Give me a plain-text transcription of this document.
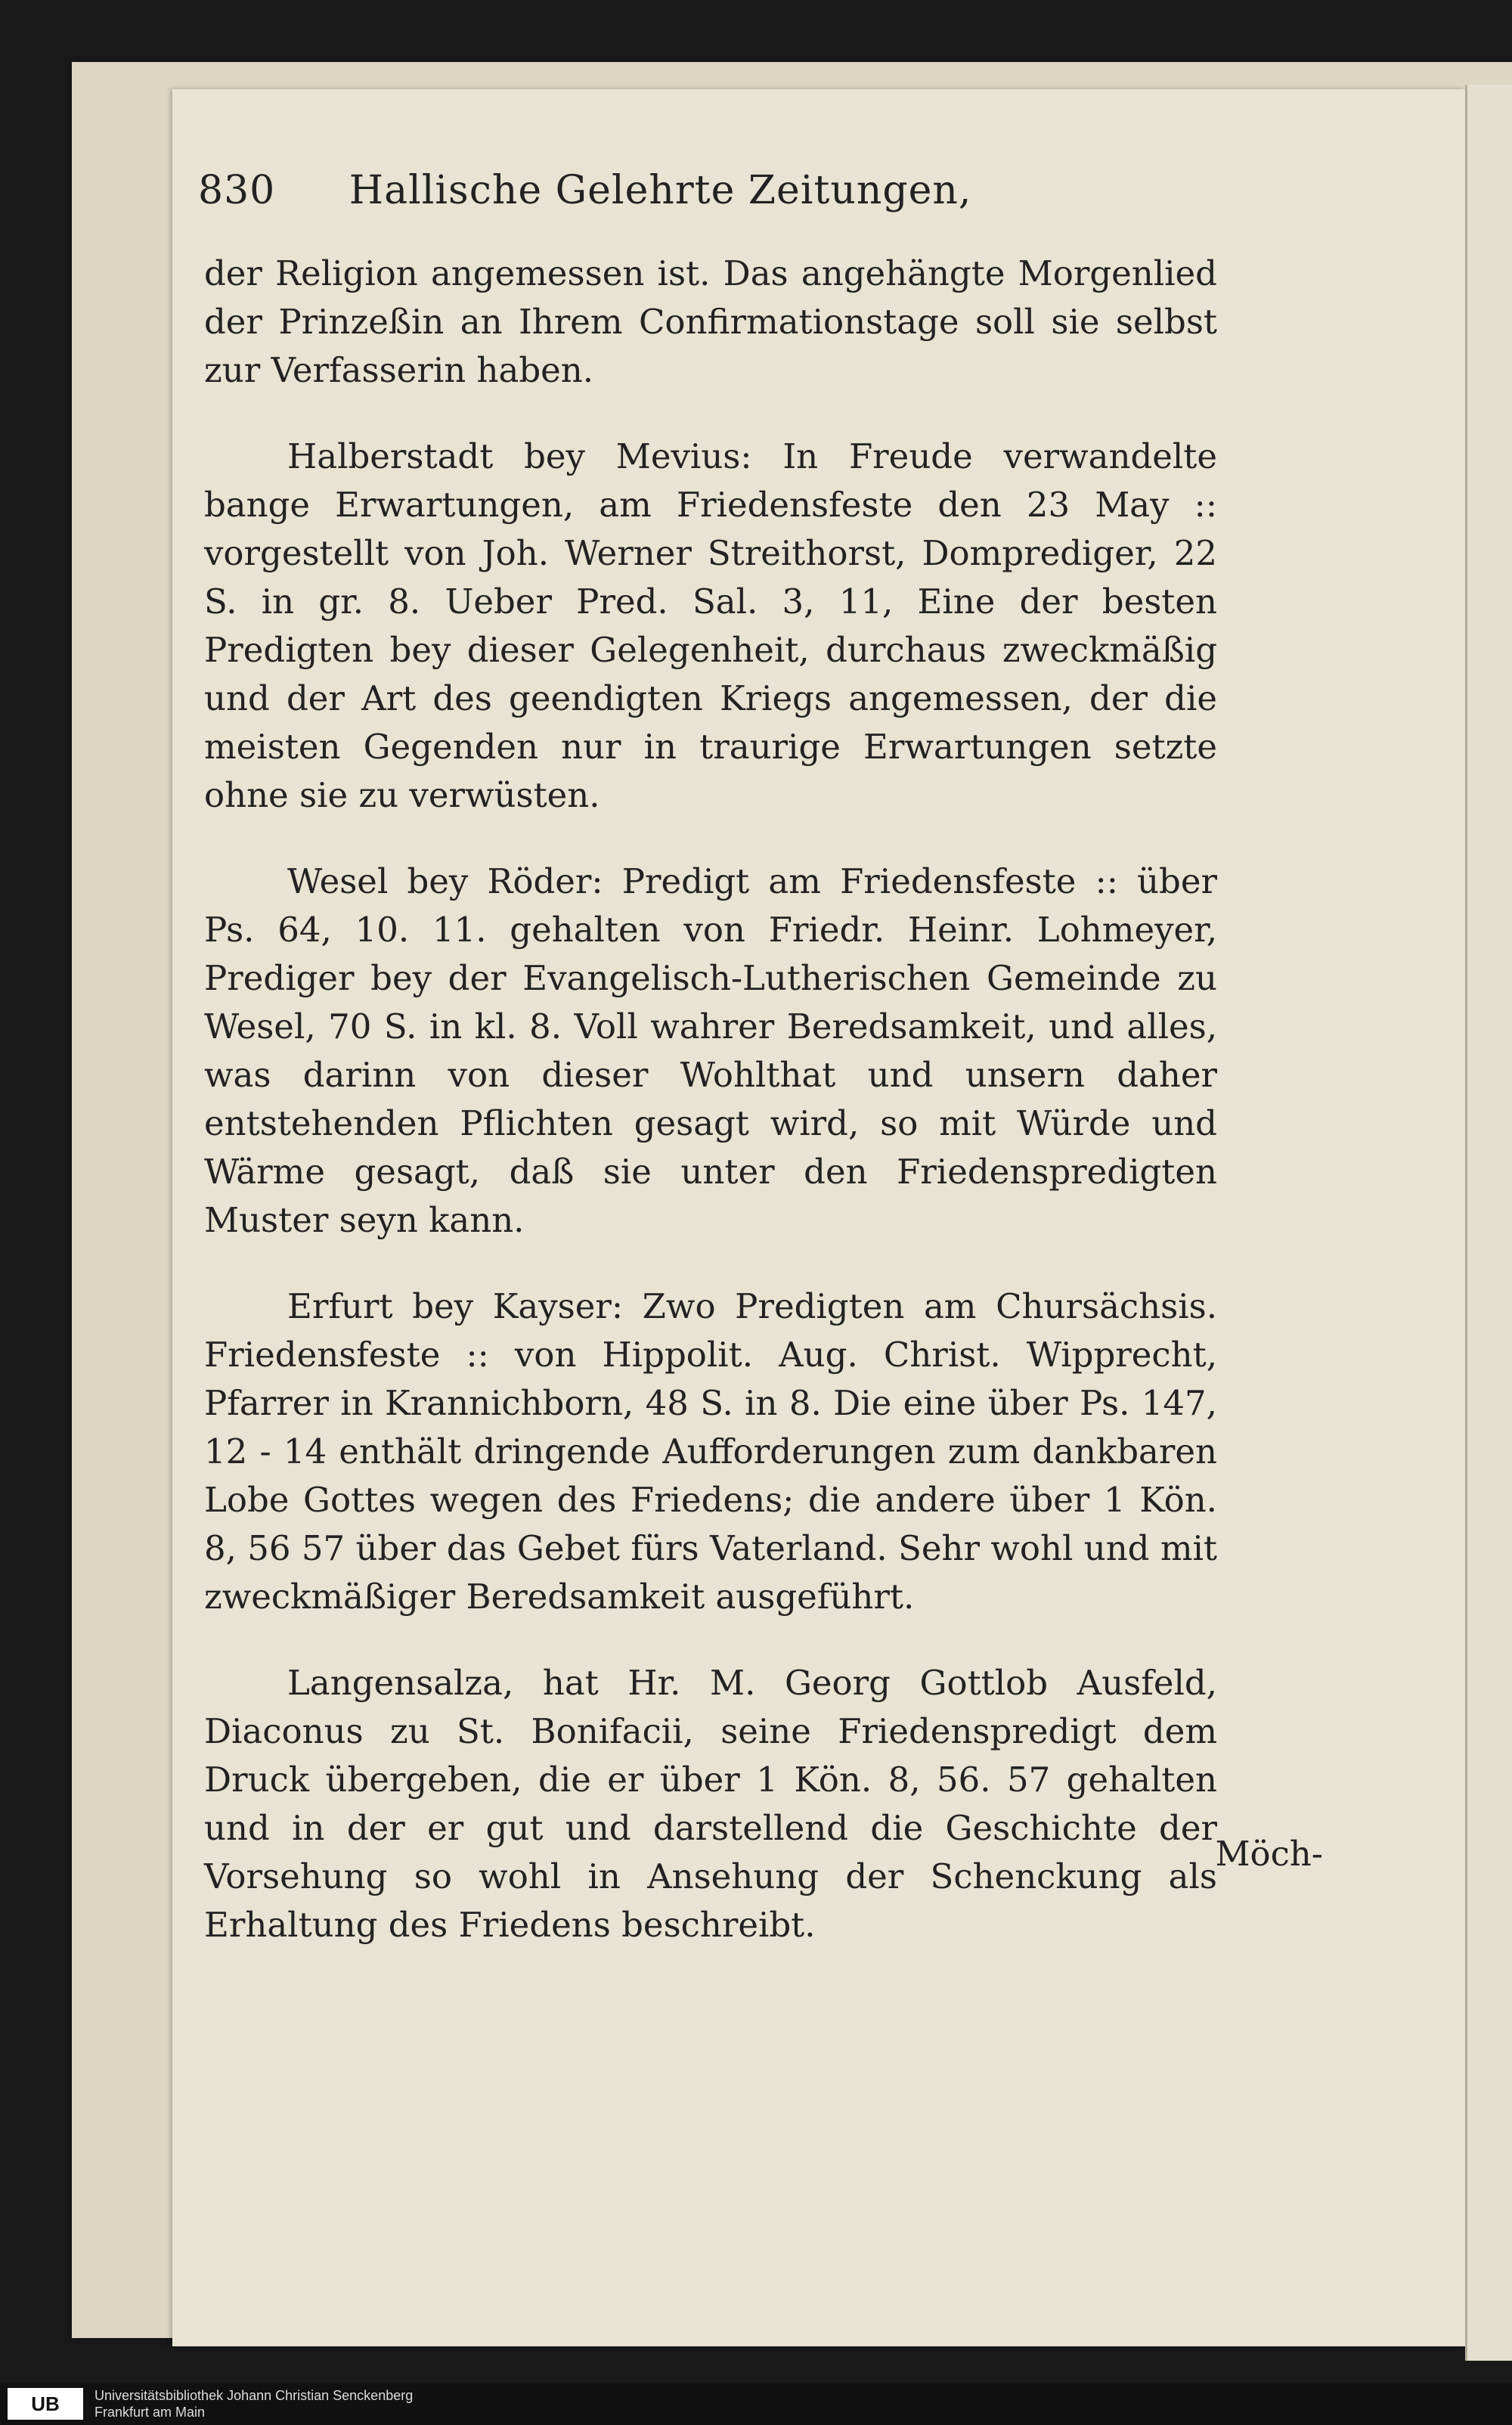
830 Hallische Gelehrte Zeitungen,

der Religion angemessen ist. Das angehängte Morgenlied der Prinzeßin an Ihrem Confirmationstage soll sie selbst zur Verfasserin haben.

Halberstadt bey Mevius: In Freude verwandelte bange Erwartungen, am Friedensfeste den 23 May :: vorgestellt von Joh. Werner Streithorst, Domprediger, 22 S. in gr. 8. Ueber Pred. Sal. 3, 11, Eine der besten Predigten bey dieser Gelegenheit, durchaus zweckmäßig und der Art des geendigten Kriegs angemessen, der die meisten Gegenden nur in traurige Erwartungen setzte ohne sie zu verwüsten.

Wesel bey Röder: Predigt am Friedensfeste :: über Ps. 64, 10. 11. gehalten von Friedr. Heinr. Lohmeyer, Prediger bey der Evangelisch-Lutherischen Gemeinde zu Wesel, 70 S. in kl. 8. Voll wahrer Beredsamkeit, und alles, was darinn von dieser Wohlthat und unsern daher entstehenden Pflichten gesagt wird, so mit Würde und Wärme gesagt, daß sie unter den Friedenspredigten Muster seyn kann.

Erfurt bey Kayser: Zwo Predigten am Chursächsis. Friedensfeste :: von Hippolit. Aug. Christ. Wipprecht, Pfarrer in Krannichborn, 48 S. in 8. Die eine über Ps. 147, 12 - 14 enthält dringende Aufforderungen zum dankbaren Lobe Gottes wegen des Friedens; die andere über 1 Kön. 8, 56 57 über das Gebet fürs Vaterland. Sehr wohl und mit zweckmäßiger Beredsamkeit ausgeführt.

Langensalza, hat Hr. M. Georg Gottlob Ausfeld, Diaconus zu St. Bonifacii, seine Friedenspredigt dem Druck übergeben, die er über 1 Kön. 8, 56. 57 gehalten und in der er gut und darstellend die Geschichte der Vorsehung so wohl in Ansehung der Schenckung als Erhaltung des Friedens beschreibt.

Möch-
UB	Universitätsbibliothek Johann Christian Senckenberg
Frankfurt am Main
